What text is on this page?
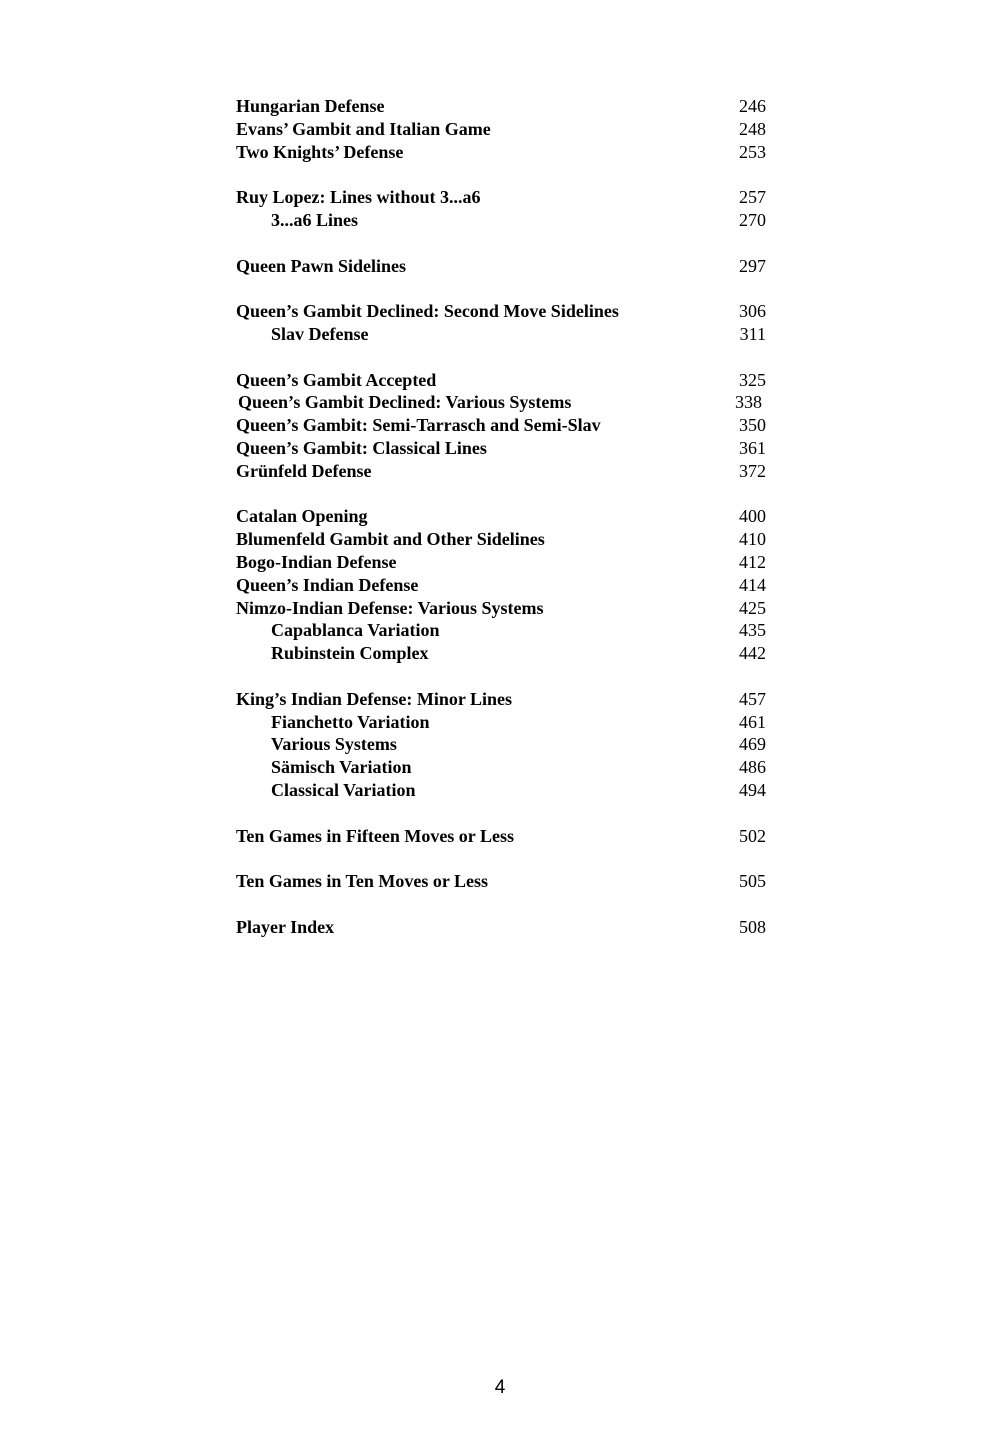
Hungarian Defense	246
Evans’ Gambit and Italian Game	248
Two Knights’ Defense	253
Ruy Lopez: Lines without 3...a6	257
3...a6 Lines	270
Queen Pawn Sidelines	297
Queen’s Gambit Declined: Second Move Sidelines	306
Slav Defense	311
Queen’s Gambit Accepted	325
Queen’s Gambit Declined: Various Systems	338
Queen’s Gambit: Semi-Tarrasch and Semi-Slav	350
Queen’s Gambit: Classical Lines	361
Grünfeld Defense	372
Catalan Opening	400
Blumenfeld Gambit and Other Sidelines	410
Bogo-Indian Defense	412
Queen’s Indian Defense	414
Nimzo-Indian Defense: Various Systems	425
Capablanca Variation	435
Rubinstein Complex	442
King’s Indian Defense: Minor Lines	457
Fianchetto Variation	461
Various Systems	469
Sämisch Variation	486
Classical Variation	494
Ten Games in Fifteen Moves or Less	502
Ten Games in Ten Moves or Less	505
Player Index	508
4
